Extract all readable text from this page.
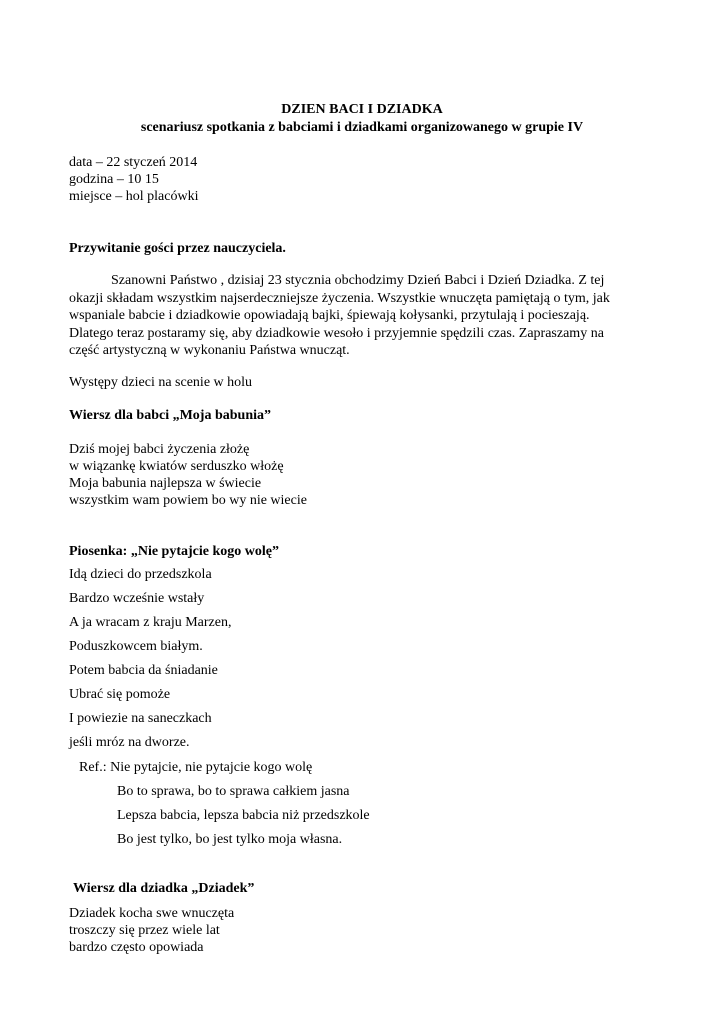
DZIEN BACI I DZIADKA

scenariusz spotkania z babciami i dziadkami organizowanego w grupie IV

data – 22 styczeń 2014

godzina – 10 15

miejsce – hol placówki

Przywitanie gości przez nauczyciela.

Szanowni Państwo , dzisiaj 23 stycznia obchodzimy Dzień Babci i Dzień Dziadka. Z tej
okazji składam wszystkim najserdeczniejsze życzenia. Wszystkie wnuczęta pamiętają o tym, jak
wspaniale babcie i dziadkowie opowiadają bajki, śpiewają kołysanki, przytulają i pocieszają.
Dlatego teraz postaramy się, aby dziadkowie wesoło i przyjemnie spędzili czas. Zapraszamy na
część artystyczną w wykonaniu Państwa wnucząt.

Występy dzieci na scenie w holu

Wiersz dla babci „Moja babunia”

Dziś mojej babci życzenia złożę

w wiązankę kwiatów serduszko włożę

Moja babunia najlepsza w świecie

wszystkim wam powiem bo wy nie wiecie

Piosenka: „Nie pytajcie kogo wolę”

Idą dzieci do przedszkola

Bardzo wcześnie wstały

A ja wracam z kraju Marzen,

Poduszkowcem białym.

Potem babcia da śniadanie

Ubrać się pomoże

I powiezie na saneczkach

jeśli mróz na dworze.

Ref.: Nie pytajcie, nie pytajcie kogo wolę

Bo to sprawa, bo to sprawa całkiem jasna

Lepsza babcia, lepsza babcia niż przedszkole

Bo jest tylko, bo jest tylko moja własna.

Wiersz dla dziadka „Dziadek”

Dziadek kocha swe wnuczęta

troszczy się przez wiele lat

bardzo często opowiada
